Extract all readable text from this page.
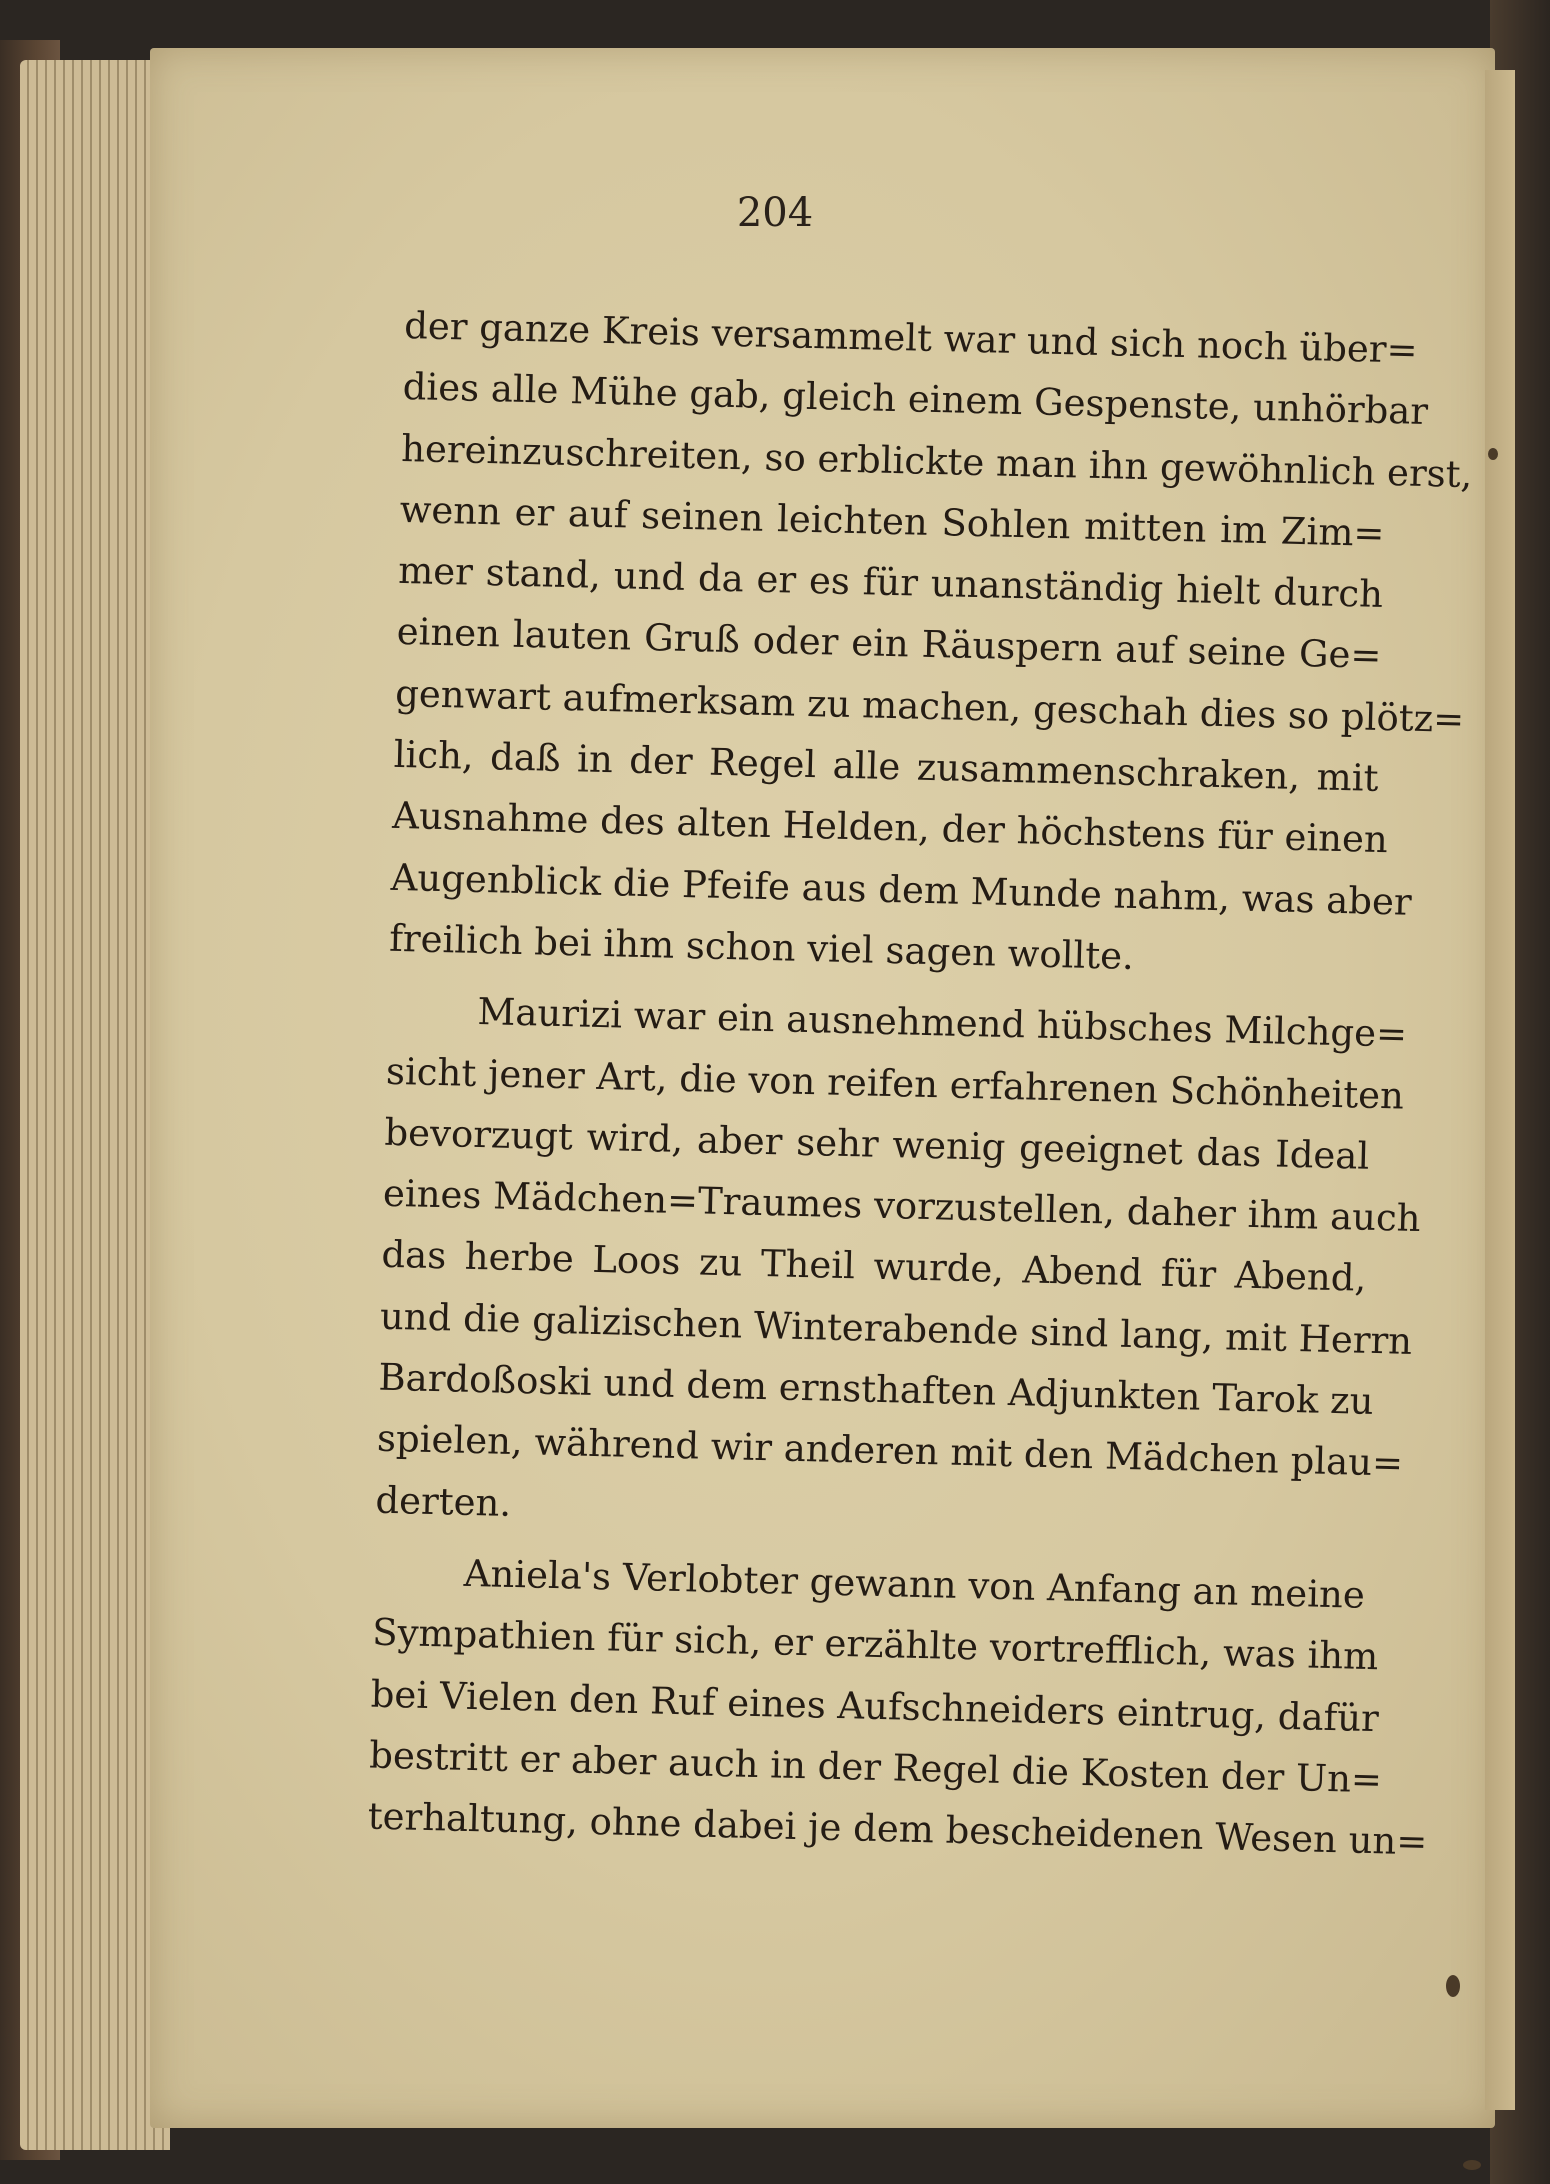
204
der ganze Kreis versammelt war und sich noch über=
dies alle Mühe gab, gleich einem Gespenste, unhörbar
hereinzuschreiten, so erblickte man ihn gewöhnlich erst,
wenn er auf seinen leichten Sohlen mitten im Zim=
mer stand, und da er es für unanständig hielt durch
einen lauten Gruß oder ein Räuspern auf seine Ge=
genwart aufmerksam zu machen, geschah dies so plötz=
lich, daß in der Regel alle zusammenschraken, mit
Ausnahme des alten Helden, der höchstens für einen
Augenblick die Pfeife aus dem Munde nahm, was aber
freilich bei ihm schon viel sagen wollte.
Maurizi war ein ausnehmend hübsches Milchge=
sicht jener Art, die von reifen erfahrenen Schönheiten
bevorzugt wird, aber sehr wenig geeignet das Ideal
eines Mädchen=Traumes vorzustellen, daher ihm auch
das herbe Loos zu Theil wurde, Abend für Abend,
und die galizischen Winterabende sind lang, mit Herrn
Bardoßoski und dem ernsthaften Adjunkten Tarok zu
spielen, während wir anderen mit den Mädchen plau=
derten.
Aniela's Verlobter gewann von Anfang an meine
Sympathien für sich, er erzählte vortrefflich, was ihm
bei Vielen den Ruf eines Aufschneiders eintrug, dafür
bestritt er aber auch in der Regel die Kosten der Un=
terhaltung, ohne dabei je dem bescheidenen Wesen un=
